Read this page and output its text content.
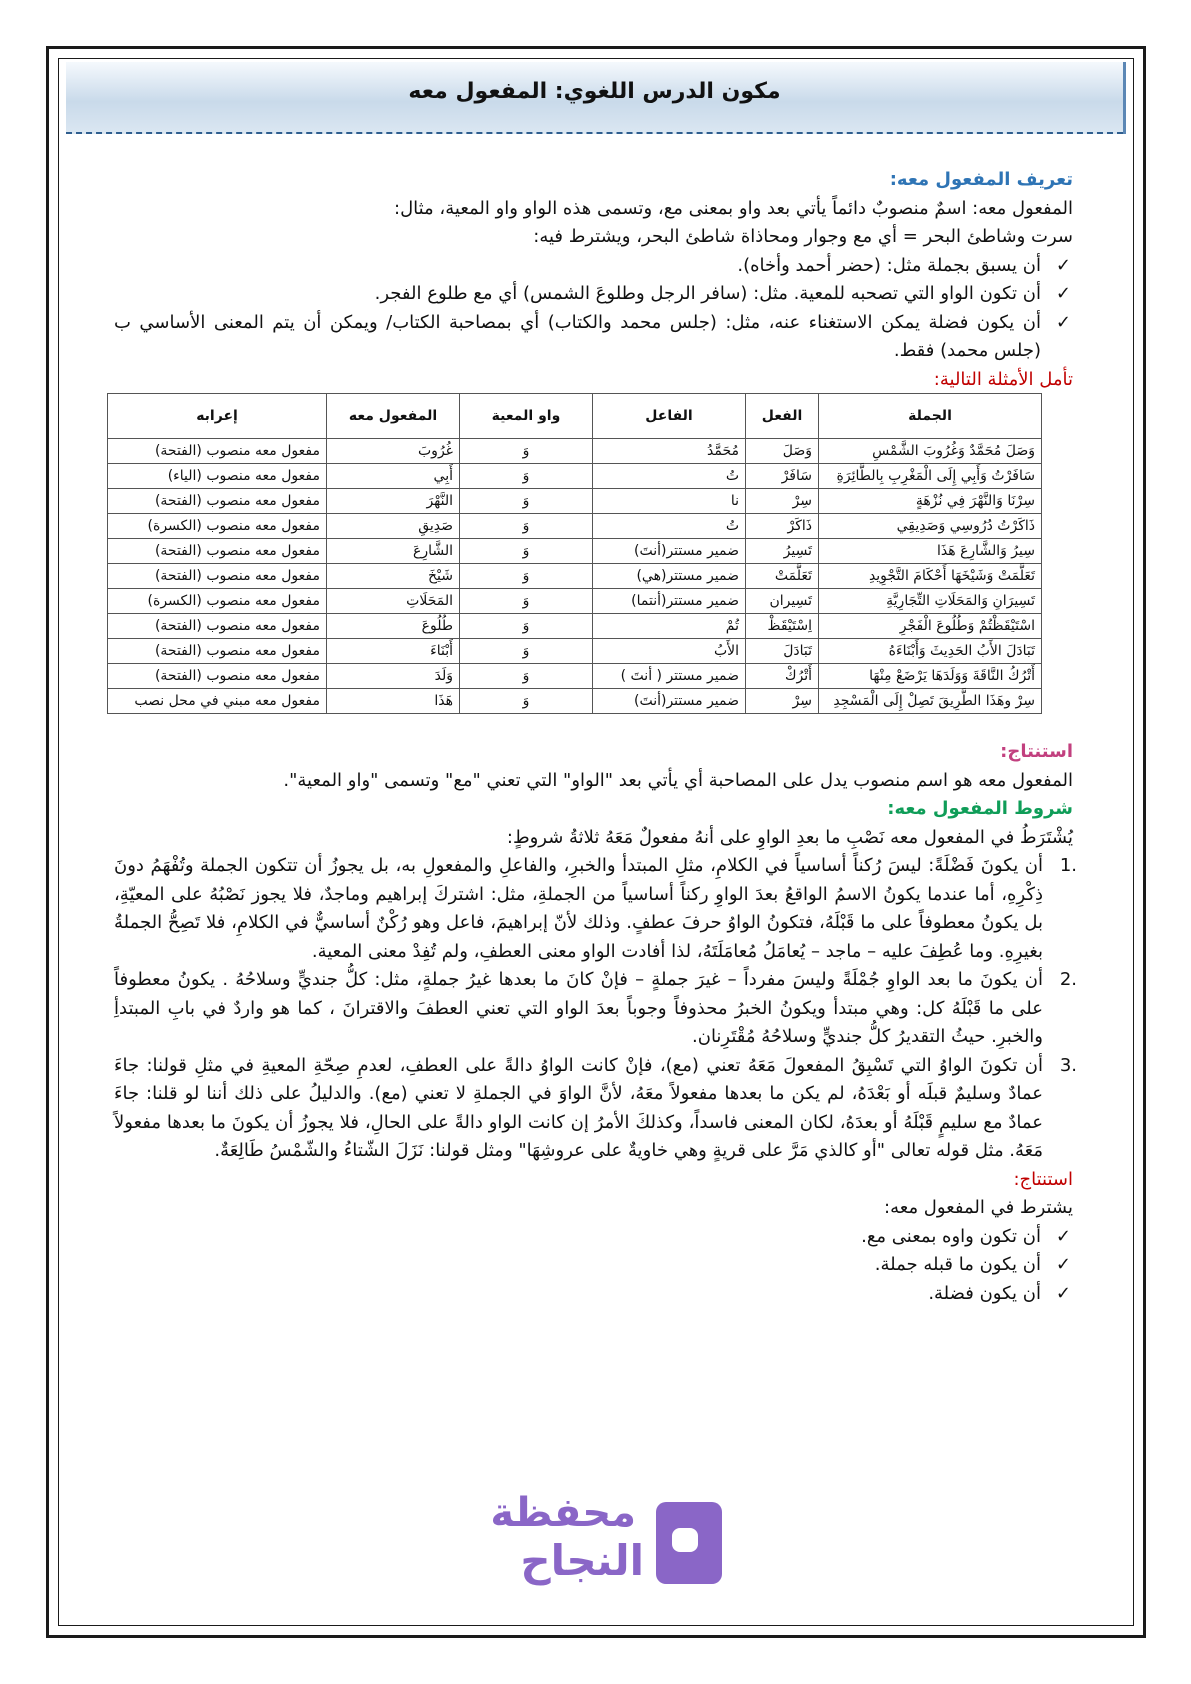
مكون الدرس اللغوي: المفعول معه

تعريف المفعول معه:

المفعول معه: اسمٌ منصوبٌ دائماً يأتي بعد واو بمعنى مع، وتسمى هذه الواو واو المعية، مثال:

سرت وشاطئ البحر = أي مع وجوار ومحاذاة شاطئ البحر، ويشترط فيه:

✓ أن يسبق بجملة مثل: (حضر أحمد وأخاه).
✓ أن تكون الواو التي تصحبه للمعية. مثل: (سافر الرجل وطلوعَ الشمس) أي مع طلوع الفجر.
✓ أن يكون فضلة يمكن الاستغناء عنه، مثل: (جلس محمد والكتاب) أي بمصاحبة الكتاب/ ويمكن أن يتم المعنى الأساسي ب (جلس محمد) فقط.

تأمل الأمثلة التالية:

الجملة	الفعل	الفاعل	واو المعية	المفعول معه	إعرابه
وَصَلَ مُحَمَّدٌ وَغُرُوبَ الشَّمْسِ	وَصَلَ	مُحَمَّدُ	وَ	غُرُوبَ	مفعول معه منصوب (الفتحة)
سَافَرْتُ وَأَبِي إِلَى الْمَغْرِبِ بِالطَّائِرَةِ	سَافَرْ	تُ	وَ	أَبِي	مفعول معه منصوب (الياء)
سِرْنَا وَالنَّهْرَ فِي نُزْهَةٍ	سِرْ	نا	وَ	النَّهْرَ	مفعول معه منصوب (الفتحة)
ذَاكَرْتُ دُرُوسِي وَصَدِيقِي	ذَاكَرْ	تُ	وَ	صَدِيقِ	مفعول معه منصوب (الكسرة)
سِيرُ وَالشَّارِعَ هَذَا	تَسِيرُ	ضمير مستتر(أنتَ)	وَ	الشَّارِعَ	مفعول معه منصوب (الفتحة)
تَعَلَّمَتْ وَشَيْخَهَا أَحْكَامَ التَّجْوِيدِ	تَعَلَّمَتْ	ضمير مستتر(هي)	وَ	شَيْخَ	مفعول معه منصوب (الفتحة)
تَسِيرَانِ وَالمَحَلَاتِ التِّجَارِيَّةِ	تَسِيران	ضمير مستتر(أنتما)	وَ	المَحَلَاتِ	مفعول معه منصوب (الكسرة)
اسْتَيْقَظْتُمْ وَطُلُوعَ الْفَجْرِ	اِسْتَيْقَظْ	تُمْ	وَ	طُلُوعَ	مفعول معه منصوب (الفتحة)
تَبَادَلَ الأَبُ الحَدِيثَ وَأَبْنَاءَهُ	تَبَادَلَ	الأَبُ	وَ	أَبْنَاءَ	مفعول معه منصوب (الفتحة)
أَتْرُكُ النَّاقَةَ وَوَلَدَهَا يَرْضَعْ مِنْهَا	أَتْرُكْ	ضمير مستتر ( أنتَ )	وَ	وَلَدَ	مفعول معه منصوب (الفتحة)
سِرْ وهَذَا الطَّرِيقَ تَصِلْ إِلَى الْمَسْجِدِ	سِرْ	ضمير مستتر(أنتَ)	وَ	هَذَا	مفعول معه مبني في محل نصب

استنتاج:

المفعول معه هو اسم منصوب يدل على المصاحبة أي يأتي بعد "الواو" التي تعني "مع" وتسمى "واو المعية".

شروط المفعول معه:

يُشْتَرَطُ في المفعول معه نَصْبِ ما بعدِ الواوِ على أنهُ مفعولٌ مَعَهُ ثلاثةُ شروطٍ:

.1
أن يكونَ فَضْلَةً: ليسَ رُكناً أساسياً في الكلامِ، مثلِ المبتدأ والخبرِ، والفاعلِ والمفعولِ به، بل يجوزُ أن تتكون الجملة وتُفْهَمُ دونَ ذِكْرِهِ، أما عندما يكونُ الاسمُ الواقعُ بعدَ الواوِ ركناً أساسياً من الجملةِ، مثل: اشتركَ إبراهيم وماجدٌ، فلا يجوز نَصْبُهُ على المعيّةِ، بل يكونُ معطوفاً على ما قَبْلَهُ، فتكونُ الواوُ حرفَ عطفٍ. وذلك لأنّ إبراهيمَ، فاعل وهو رُكْنٌ أساسيٌّ في الكلامِ، فلا تَصِحُّ الجملةُ بغيرِهِ. وما عُطِفَ عليه – ماجد – يُعامَلُ مُعامَلَتَهُ، لذا أفادت الواو معنى العطفِ، ولم تُفِدْ معنى المعية.
.2
أن يكونَ ما بعد الواوِ جُمْلَةً وليسَ مفرداً – غيرَ جملةٍ – فإنْ كانَ ما بعدها غيرُ جملةٍ، مثل: كلُّ جنديٍّ وسلاحُهُ . يكونُ معطوفاً على ما قَبْلَهُ كل: وهي مبتدأ ويكونُ الخبرُ محذوفاً وجوباً بعدَ الواو التي تعني العطفَ والاقترانَ ، كما هو واردٌ في بابِ المبتدأِ والخبرِ. حيثُ التقديرُ كلُّ جنديٍّ وسلاحُهُ مُقْتَرِنان.
.3
أن تكونَ الواوُ التي تَسْبِقُ المفعولَ مَعَهُ تعني (مع)، فإنْ كانت الواوُ دالةً على العطفِ، لعدمِ صِحّةِ المعيةِ في مثلِ قولنا: جاءَ عمادٌ وسليمٌ قبلَه أو بَعْدَهُ، لم يكن ما بعدها مفعولاً معَهُ، لأنَّ الواوَ في الجملةِ لا تعني (مع). والدليلُ على ذلك أننا لو قلنا: جاءَ عمادٌ مع سليمٍ قَبْلَهُ أو بعدَهُ، لكان المعنى فاسداً، وكذلكَ الأمرُ إن كانت الواو دالةً على الحالِ، فلا يجوزُ أن يكونَ ما بعدها مفعولاً مَعَهُ. مثل قوله تعالى "أو كالذي مَرَّ على قريةٍ وهي خاويةٌ على عروشِهَا" ومثل قولنا: نَزَلَ الشّتاءُ والشّمْسُ طَالِعَةٌ.

استنتاج:

يشترط في المفعول معه:

✓ أن تكون واوه بمعنى مع.
✓ أن يكون ما قبله جملة.
✓ أن يكون فضلة.
محفظة
النجاح
